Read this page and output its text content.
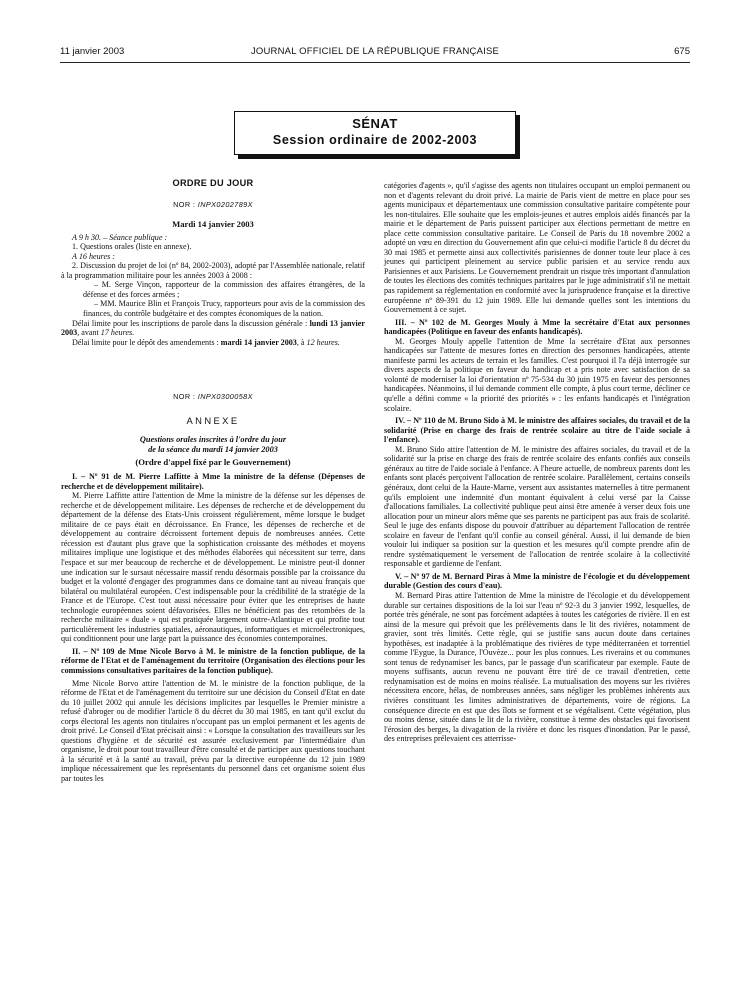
11 janvier 2003	JOURNAL OFFICIEL DE LA RÉPUBLIQUE FRANÇAISE	675
SÉNAT
Session ordinaire de 2002-2003
ORDRE DU JOUR
NOR : INPX0202789X
Mardi 14 janvier 2003

A 9 h 30. – Séance publique :

1. Questions orales (liste en annexe).

A 16 heures :

2. Discussion du projet de loi (nº 84, 2002-2003), adopté par l'Assemblée nationale, relatif à la programmation militaire pour les années 2003 à 2008 :

– M. Serge Vinçon, rapporteur de la commission des affaires étrangères, de la défense et des forces armées ;

– MM. Maurice Blin et François Trucy, rapporteurs pour avis de la commission des finances, du contrôle budgétaire et des comptes économiques de la nation.

Délai limite pour les inscriptions de parole dans la discussion générale : lundi 13 janvier 2003, avant 17 heures.

Délai limite pour le dépôt des amendements : mardi 14 janvier 2003, à 12 heures.

NOR : INPX0300058X
ANNEXE
Questions orales inscrites à l'ordre du jour
de la séance du mardi 14 janvier 2003
(Ordre d'appel fixé par le Gouvernement)

I. – Nº 91 de M. Pierre Laffitte à Mme la ministre de la défense (Dépenses de recherche et de développement militaire).

M. Pierre Laffitte attire l'attention de Mme la ministre de la défense sur les dépenses de recherche et de développement militaire. Les dépenses de recherche et de développement du département de la défense des Etats-Unis croissent régulièrement, même lorsque le budget militaire de ce pays était en décroissance. En France, les dépenses de recherche et de développement au contraire décroissent fortement depuis de nombreuses années. Cette récession est d'autant plus grave que la sophistication croissante des méthodes et moyens militaires implique une logistique et des méthodes élaborées qui nécessitent sur terre, dans l'espace et sur mer beaucoup de recherche et de développement. Le ministre peut-il donner une indication sur le sursaut nécessaire massif rendu désormais possible par la croissance du budget et la volonté d'engager des programmes dans ce domaine tant au niveau français que bilatéral ou multilatéral européen. C'est indispensable pour la crédibilité de la stratégie de la France et de l'Europe. C'est tout aussi nécessaire pour éviter que les entreprises de haute technologie européennes soient défavorisées. Elles ne bénéficient pas des retombées de la recherche militaire « duale » qui est pratiquée largement outre-Atlantique et qui profite tout particulièrement les industries spatiales, aéronautiques, informatiques et microélectroniques, qui conditionnent pour une large part la puissance des économies contemporaines.

II. – Nº 109 de Mme Nicole Borvo à M. le ministre de la fonction publique, de la réforme de l'Etat et de l'aménagement du territoire (Organisation des élections pour les commissions consultatives paritaires de la fonction publique).

Mme Nicole Borvo attire l'attention de M. le ministre de la fonction publique, de la réforme de l'Etat et de l'aménagement du territoire sur une décision du Conseil d'Etat en date du 10 juillet 2002 qui annule les décisions implicites par lesquelles le Premier ministre a refusé d'abroger ou de modifier l'article 8 du décret du 30 mai 1985, en tant qu'il exclut du corps électoral les agents non titulaires n'occupant pas un emploi permanent et les agents de droit privé. Le Conseil d'Etat précisait ainsi : « Lorsque la consultation des travailleurs sur les questions d'hygiène et de sécurité est assurée exclusivement par l'intermédiaire d'un organisme, le droit pour tout travailleur d'être consulté et de participer aux questions touchant à la sécurité et à la santé au travail, prévu par la directive européenne du 12 juin 1989 implique nécessairement que les représentants du personnel dans cet organisme soient élus par toutes les

catégories d'agents », qu'il s'agisse des agents non titulaires occupant un emploi permanent ou non et d'agents relevant du droit privé. La mairie de Paris vient de mettre en place pour ses agents municipaux et départementaux une commission consultative paritaire compétente pour les non-titulaires. Elle souhaite que les emplois-jeunes et autres emplois aidés financés par la mairie et le département de Paris puissent participer aux élections permettant de mettre en place cette commission consultative paritaire. Le Conseil de Paris du 18 novembre 2002 a adopté un vœu en direction du Gouvernement afin que celui-ci modifie l'article 8 du décret du 30 mai 1985 et permette ainsi aux collectivités parisiennes de donner toute leur place à ces jeunes qui participent pleinement au service public parisien et au service rendu aux Parisiennes et aux Parisiens. Le Gouvernement prendrait un risque très important d'annulation de toutes les élections des comités techniques paritaires par le juge administratif s'il ne mettait pas rapidement sa réglementation en conformité avec la jurisprudence française et la directive européenne nº 89-391 du 12 juin 1989. Elle lui demande quelles sont les intentions du Gouvernement à ce sujet.

III. – Nº 102 de M. Georges Mouly à Mme la secrétaire d'Etat aux personnes handicapées (Politique en faveur des enfants handicapés).

M. Georges Mouly appelle l'attention de Mme la secrétaire d'Etat aux personnes handicapées sur l'attente de mesures fortes en direction des personnes handicapées, attente manifeste parmi les acteurs de terrain et les familles. C'est pourquoi il l'a déjà interrogée sur divers aspects de la politique en faveur du handicap et a pris note avec satisfaction de sa volonté de moderniser la loi d'orientation nº 75-534 du 30 juin 1975 en faveur des personnes handicapées. Néanmoins, il lui demande comment elle compte, à plus court terme, décliner ce qu'elle a défini comme « la priorité des priorités » : les enfants handicapés et l'intégration scolaire.

IV. – Nº 110 de M. Bruno Sido à M. le ministre des affaires sociales, du travail et de la solidarité (Prise en charge des frais de rentrée scolaire au titre de l'aide sociale à l'enfance).

M. Bruno Sido attire l'attention de M. le ministre des affaires sociales, du travail et de la solidarité sur la prise en charge des frais de rentrée scolaire des enfants confiés aux conseils généraux au titre de l'aide sociale à l'enfance. A l'heure actuelle, de nombreux parents dont les enfants sont placés perçoivent l'allocation de rentrée scolaire. Parallèlement, certains conseils généraux, dont celui de la Haute-Marne, versent aux assistantes maternelles à titre permanent qu'ils emploient une indemnité d'un montant équivalent à celui versé par la Caisse d'allocations familiales. La collectivité publique peut ainsi être amenée à verser deux fois une allocation pour un mineur alors même que ses parents ne participent pas aux frais de scolarité. Seul le juge des enfants dispose du pouvoir d'attribuer au département l'allocation de rentrée scolaire en faveur de l'enfant qu'il confie au conseil général. Aussi, il lui demande de bien vouloir lui indiquer sa position sur la question et les mesures qu'il compte prendre afin de rendre systématiquement le versement de l'allocation de rentrée scolaire à la collectivité responsable et gardienne de l'enfant.

V. – Nº 97 de M. Bernard Piras à Mme la ministre de l'écologie et du développement durable (Gestion des cours d'eau).

M. Bernard Piras attire l'attention de Mme la ministre de l'écologie et du développement durable sur certaines dispositions de la loi sur l'eau nº 92-3 du 3 janvier 1992, lesquelles, de portée très générale, ne sont pas forcément adaptées à toutes les catégories de rivière. Il en est ainsi de la mesure qui prévoit que les prélèvements dans le lit des rivières, notamment de gravier, sont très limités. Cette règle, qui se justifie sans aucun doute dans certaines hypothèses, est inadaptée à la problématique des rivières de type méditerranéen et torrentiel comme l'Eygue, la Durance, l'Ouvèze... pour les plus connues. Les riverains et ou communes sont tenus de redynamiser les bancs, par le passage d'un scarificateur par exemple. Faute de moyens suffisants, aucun revenu ne pouvant être tiré de ce travail d'entretien, cette redynamisation est de moins en moins réalisée. La mutualisation des moyens sur les rivières nécessitera encore, hélas, de nombreuses années, sans négliger les problèmes inhérents aux rivières constituant les limites administratives de départements, voire de régions. La conséquence directe en est que des îlots se forment et se végétalisent. Cette végétation, plus ou moins dense, située dans le lit de la rivière, constitue à terme des obstacles qui favorisent l'érosion des berges, la divagation de la rivière et donc les risques d'inondation. Par le passé, des entreprises prélevaient ces atterrisse-
